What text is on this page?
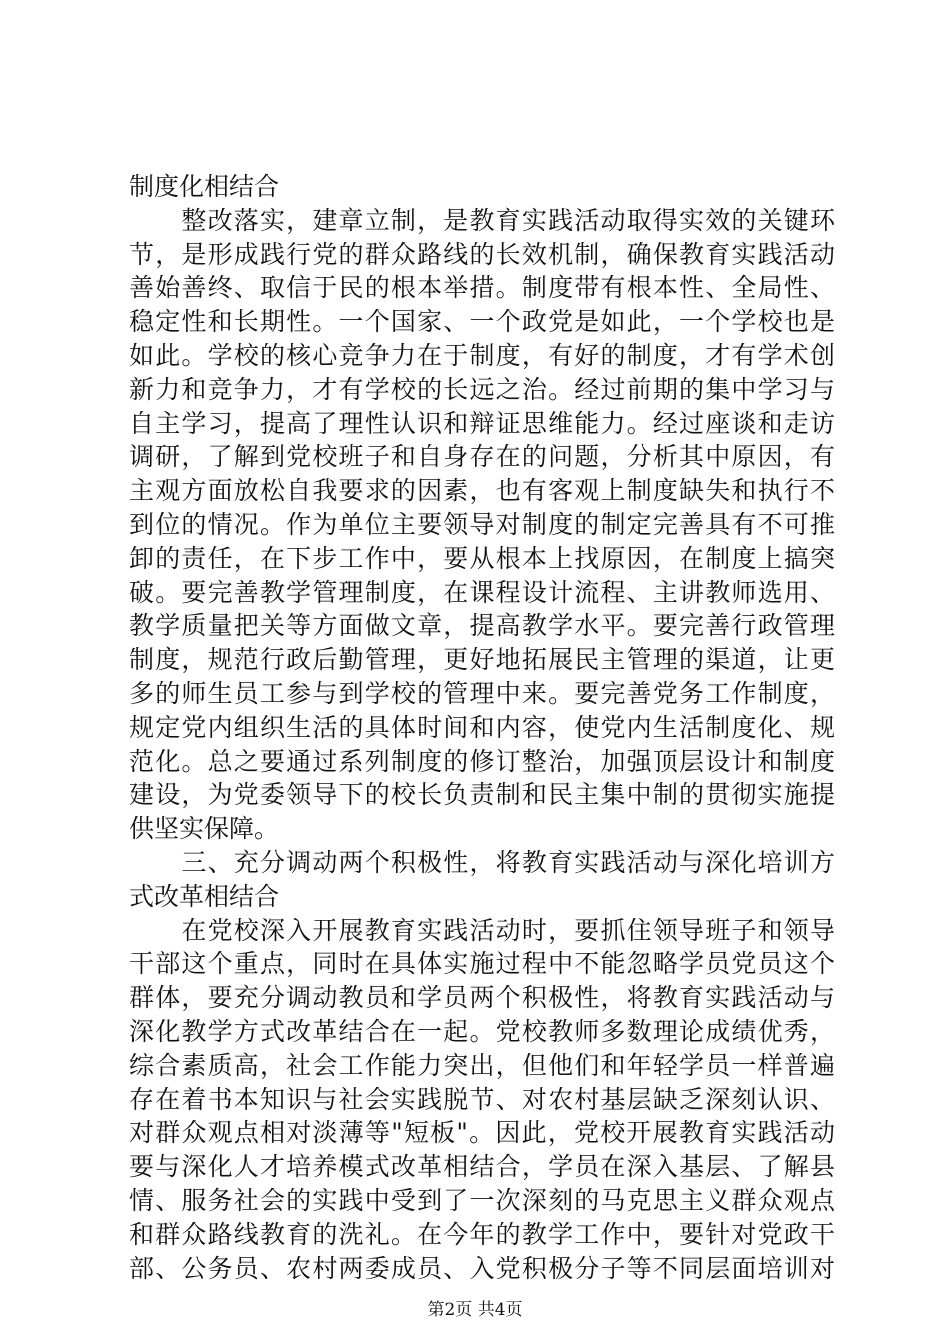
制度化相结合
　　整改落实，建章立制，是教育实践活动取得实效的关键环
节，是形成践行党的群众路线的长效机制，确保教育实践活动
善始善终、取信于民的根本举措。制度带有根本性、全局性、
稳定性和长期性。一个国家、一个政党是如此，一个学校也是
如此。学校的核心竞争力在于制度，有好的制度，才有学术创
新力和竞争力，才有学校的长远之治。经过前期的集中学习与
自主学习，提高了理性认识和辩证思维能力。经过座谈和走访
调研，了解到党校班子和自身存在的问题，分析其中原因，有
主观方面放松自我要求的因素，也有客观上制度缺失和执行不
到位的情况。作为单位主要领导对制度的制定完善具有不可推
卸的责任，在下步工作中，要从根本上找原因，在制度上搞突
破。要完善教学管理制度，在课程设计流程、主讲教师选用、
教学质量把关等方面做文章，提高教学水平。要完善行政管理
制度，规范行政后勤管理，更好地拓展民主管理的渠道，让更
多的师生员工参与到学校的管理中来。要完善党务工作制度，
规定党内组织生活的具体时间和内容，使党内生活制度化、规
范化。总之要通过系列制度的修订整治，加强顶层设计和制度
建设，为党委领导下的校长负责制和民主集中制的贯彻实施提
供坚实保障。
　　三、充分调动两个积极性，将教育实践活动与深化培训方
式改革相结合
　　在党校深入开展教育实践活动时，要抓住领导班子和领导
干部这个重点，同时在具体实施过程中不能忽略学员党员这个
群体，要充分调动教员和学员两个积极性，将教育实践活动与
深化教学方式改革结合在一起。党校教师多数理论成绩优秀，
综合素质高，社会工作能力突出，但他们和年轻学员一样普遍
存在着书本知识与社会实践脱节、对农村基层缺乏深刻认识、
对群众观点相对淡薄等"短板"。因此，党校开展教育实践活动
要与深化人才培养模式改革相结合，学员在深入基层、了解县
情、服务社会的实践中受到了一次深刻的马克思主义群众观点
和群众路线教育的洗礼。在今年的教学工作中，要针对党政干
部、公务员、农村两委成员、入党积极分子等不同层面培训对
第2页 共4页
